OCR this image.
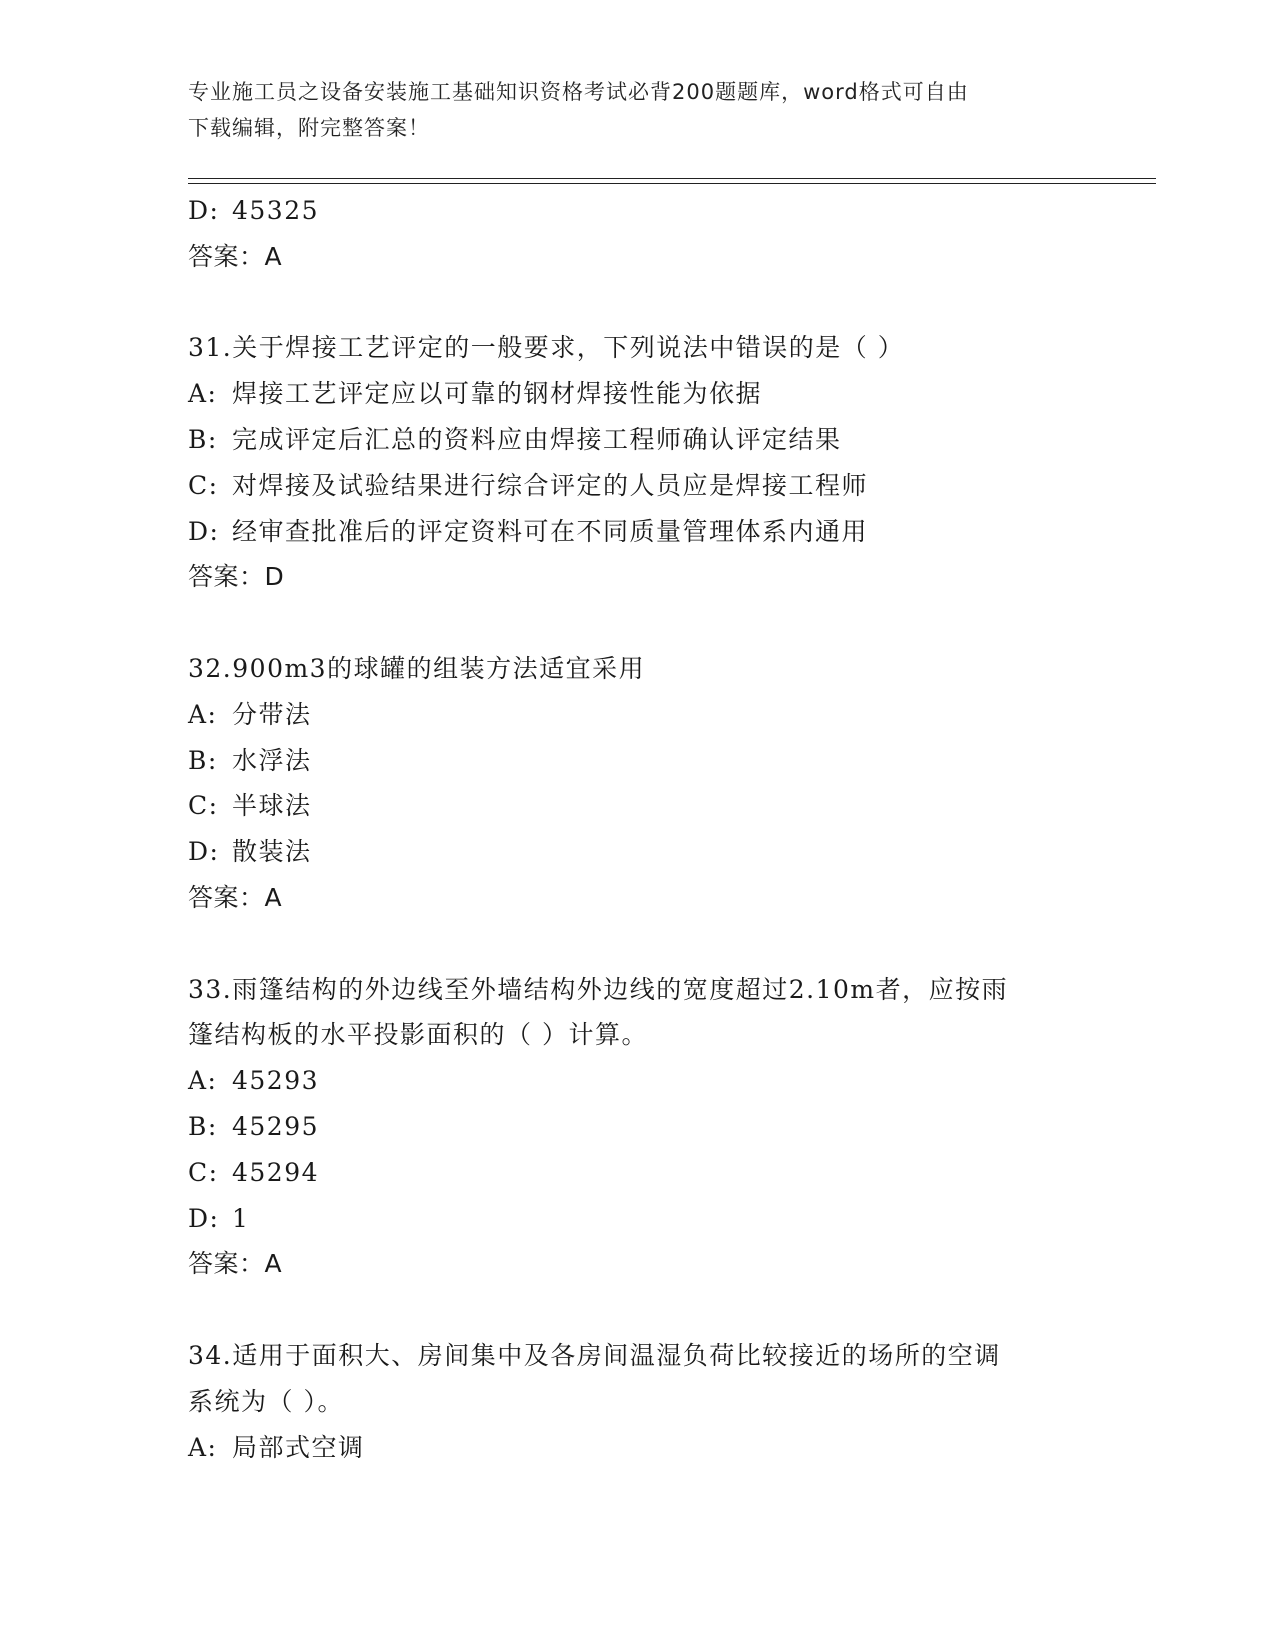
专业施工员之设备安装施工基础知识资格考试必背200题题库，word格式可自由
下载编辑，附完整答案！
D: 45325
答案：A
31.关于焊接工艺评定的一般要求，下列说法中错误的是（ ）
A: 焊接工艺评定应以可靠的钢材焊接性能为依据
B: 完成评定后汇总的资料应由焊接工程师确认评定结果
C: 对焊接及试验结果进行综合评定的人员应是焊接工程师
D: 经审查批准后的评定资料可在不同质量管理体系内通用
答案：D
32.900m3的球罐的组装方法适宜采用
A: 分带法
B: 水浮法
C: 半球法
D: 散装法
答案：A
33.雨篷结构的外边线至外墙结构外边线的宽度超过2.10m者，应按雨
篷结构板的水平投影面积的（ ）计算。
A: 45293
B: 45295
C: 45294
D: 1
答案：A
34.适用于面积大、房间集中及各房间温湿负荷比较接近的场所的空调
系统为（ ）。
A: 局部式空调
